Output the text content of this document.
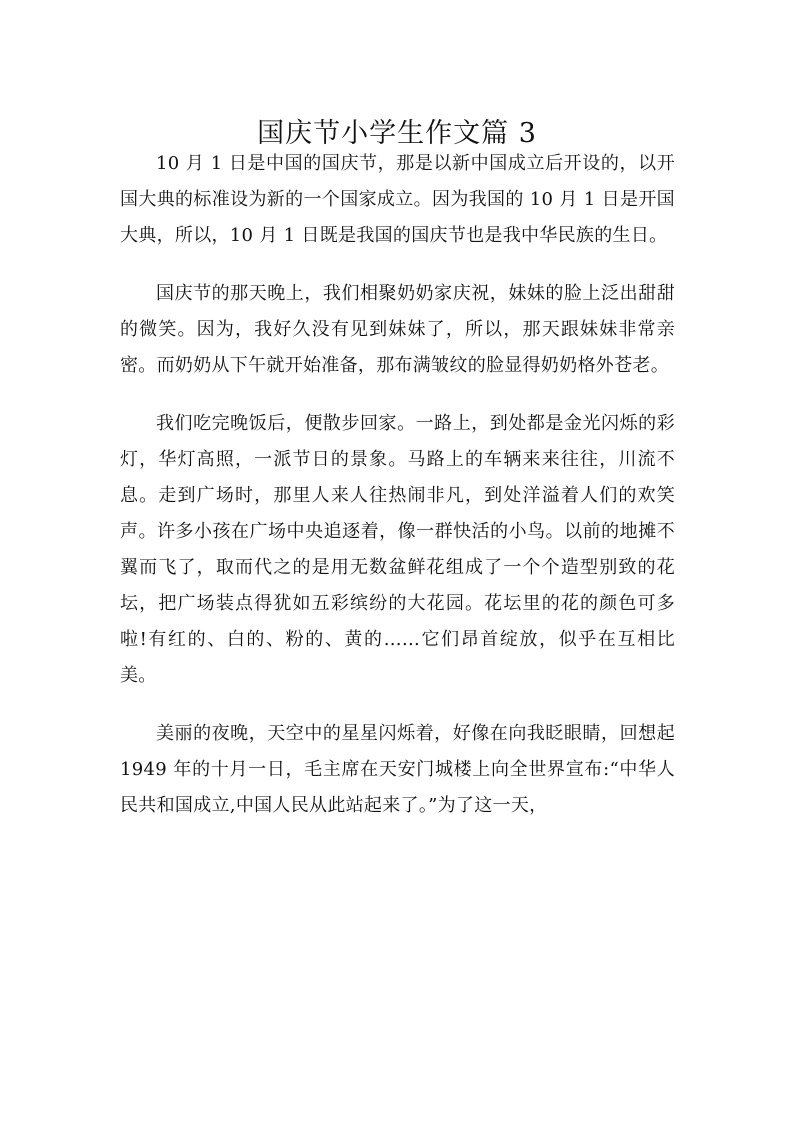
国庆节小学生作文篇 3

10 月 1 日是中国的国庆节，那是以新中国成立后开设的，以开国大典的标准设为新的一个国家成立。因为我国的 10 月 1 日是开国大典，所以，10 月 1 日既是我国的国庆节也是我中华民族的生日。

国庆节的那天晚上，我们相聚奶奶家庆祝，妹妹的脸上泛出甜甜的微笑。因为，我好久没有见到妹妹了，所以，那天跟妹妹非常亲密。而奶奶从下午就开始准备，那布满皱纹的脸显得奶奶格外苍老。

我们吃完晚饭后，便散步回家。一路上，到处都是金光闪烁的彩灯，华灯高照，一派节日的景象。马路上的车辆来来往往，川流不息。走到广场时，那里人来人往热闹非凡，到处洋溢着人们的欢笑声。许多小孩在广场中央追逐着，像一群快活的小鸟。以前的地摊不翼而飞了，取而代之的是用无数盆鲜花组成了一个个造型别致的花坛，把广场装点得犹如五彩缤纷的大花园。花坛里的花的颜色可多啦!有红的、白的、粉的、黄的……它们昂首绽放，似乎在互相比美。

美丽的夜晚，天空中的星星闪烁着，好像在向我眨眼睛，回想起 1949 年的十月一日，毛主席在天安门城楼上向全世界宣布:“中华人民共和国成立,中国人民从此站起来了。”为了这一天，
